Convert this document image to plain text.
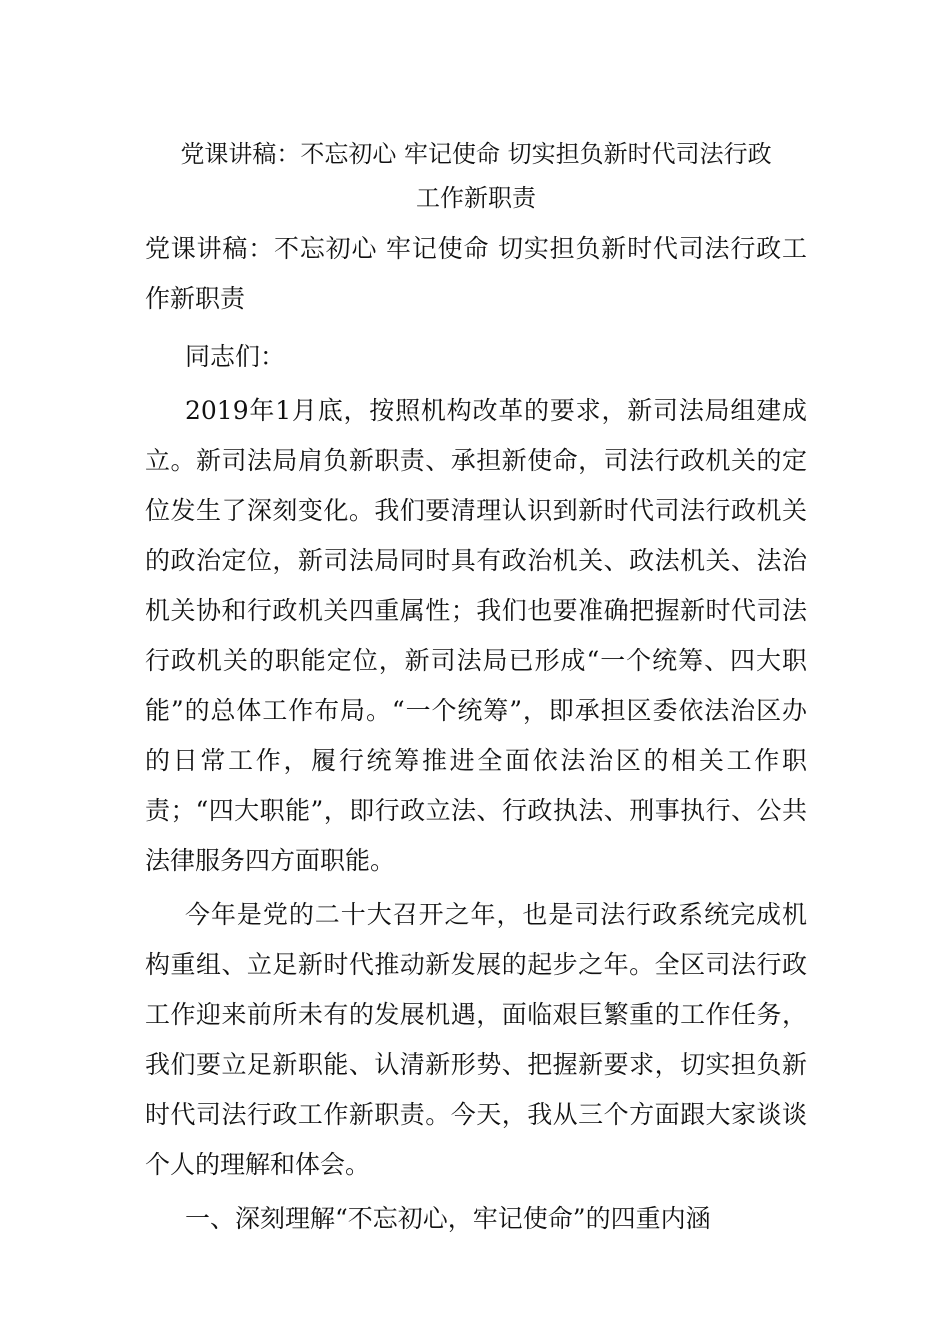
党课讲稿：不忘初心 牢记使命 切实担负新时代司法行政
工作新职责

党课讲稿：不忘初心 牢记使命 切实担负新时代司法行政工作新职责

同志们：

2019年1月底，按照机构改革的要求，新司法局组建成立。新司法局肩负新职责、承担新使命，司法行政机关的定位发生了深刻变化。我们要清理认识到新时代司法行政机关的政治定位，新司法局同时具有政治机关、政法机关、法治机关协和行政机关四重属性；我们也要准确把握新时代司法行政机关的职能定位，新司法局已形成“一个统筹、四大职能”的总体工作布局。“一个统筹”，即承担区委依法治区办的日常工作，履行统筹推进全面依法治区的相关工作职责；“四大职能”，即行政立法、行政执法、刑事执行、公共法律服务四方面职能。

今年是党的二十大召开之年，也是司法行政系统完成机构重组、立足新时代推动新发展的起步之年。全区司法行政工作迎来前所未有的发展机遇，面临艰巨繁重的工作任务，我们要立足新职能、认清新形势、把握新要求，切实担负新时代司法行政工作新职责。今天，我从三个方面跟大家谈谈个人的理解和体会。

一、深刻理解“不忘初心，牢记使命”的四重内涵
